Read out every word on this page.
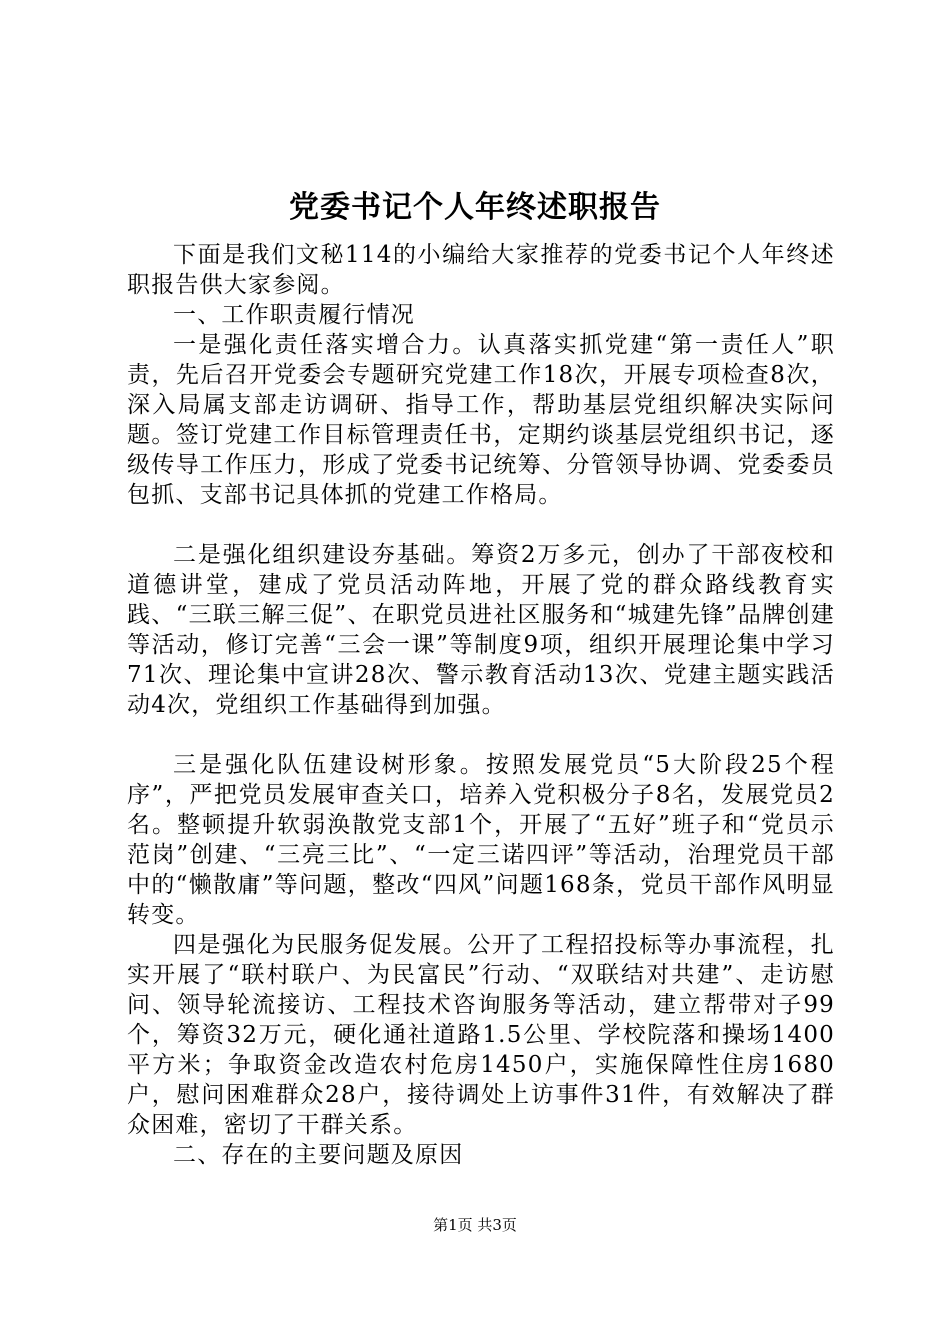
党委书记个人年终述职报告

下面是我们文秘114的小编给大家推荐的党委书记个人年终述职报告供大家参阅。

一、工作职责履行情况

一是强化责任落实增合力。认真落实抓党建“第一责任人”职责，先后召开党委会专题研究党建工作18次，开展专项检查8次，深入局属支部走访调研、指导工作，帮助基层党组织解决实际问题。签订党建工作目标管理责任书，定期约谈基层党组织书记，逐级传导工作压力，形成了党委书记统筹、分管领导协调、党委委员包抓、支部书记具体抓的党建工作格局。

二是强化组织建设夯基础。筹资2万多元，创办了干部夜校和道德讲堂，建成了党员活动阵地，开展了党的群众路线教育实践、“三联三解三促”、在职党员进社区服务和“城建先锋”品牌创建等活动，修订完善“三会一课”等制度9项，组织开展理论集中学习71次、理论集中宣讲28次、警示教育活动13次、党建主题实践活动4次，党组织工作基础得到加强。

三是强化队伍建设树形象。按照发展党员“5大阶段25个程序”，严把党员发展审查关口，培养入党积极分子8名，发展党员2名。整顿提升软弱涣散党支部1个，开展了“五好”班子和“党员示范岗”创建、“三亮三比”、“一定三诺四评”等活动，治理党员干部中的“懒散庸”等问题，整改“四风”问题168条，党员干部作风明显转变。

四是强化为民服务促发展。公开了工程招投标等办事流程，扎实开展了“联村联户、为民富民”行动、“双联结对共建”、走访慰问、领导轮流接访、工程技术咨询服务等活动，建立帮带对子99个，筹资32万元，硬化通社道路1.5公里、学校院落和操场1400平方米；争取资金改造农村危房1450户，实施保障性住房1680户，慰问困难群众28户，接待调处上访事件31件，有效解决了群众困难，密切了干群关系。

二、存在的主要问题及原因

第1页 共3页
